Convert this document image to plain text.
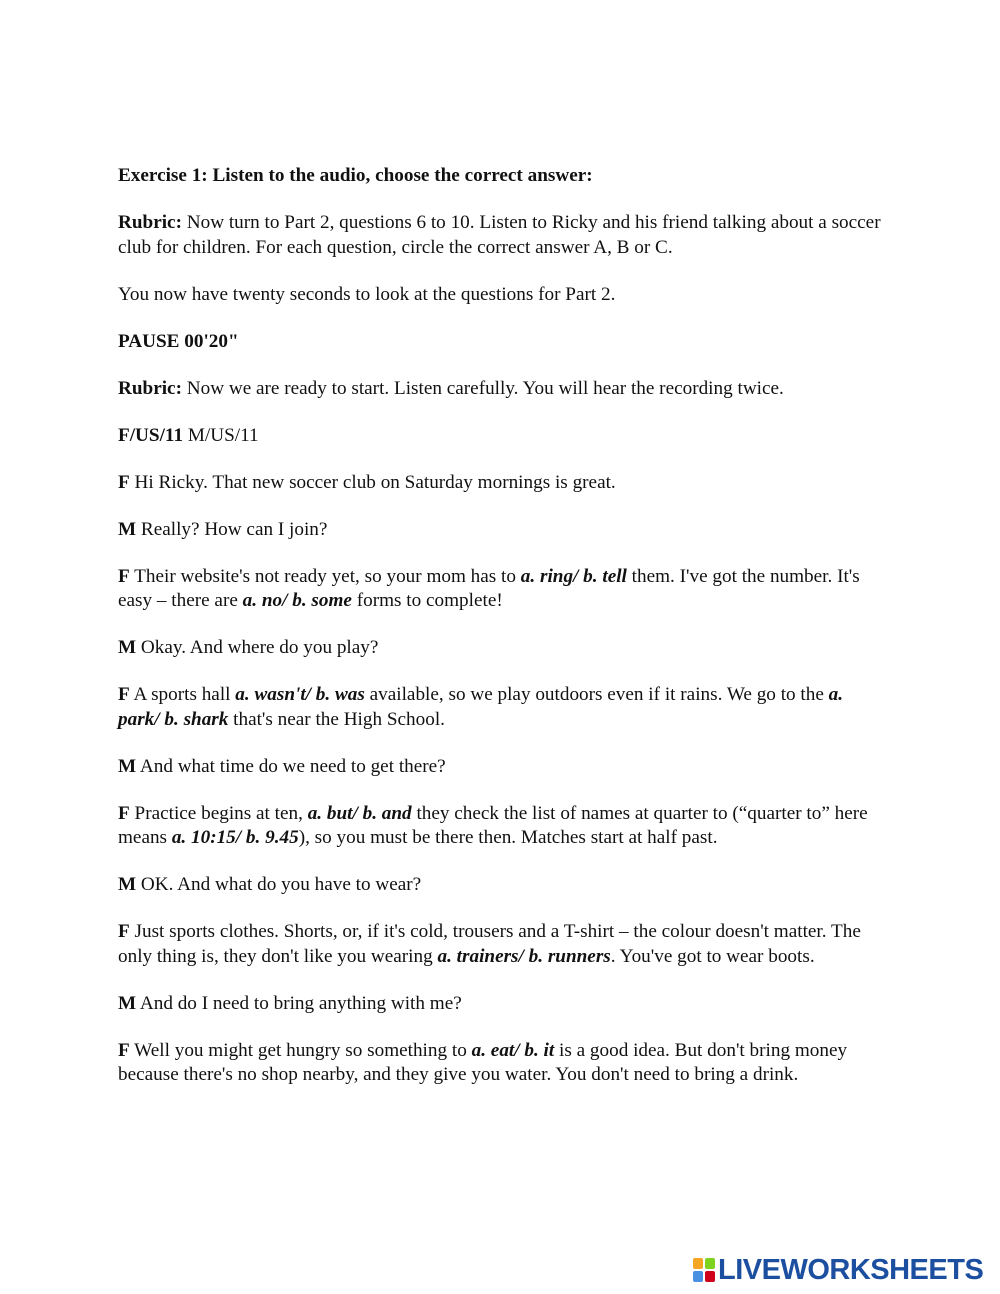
Exercise 1: Listen to the audio, choose the correct answer:

Rubric: Now turn to Part 2, questions 6 to 10. Listen to Ricky and his friend talking about a soccer club for children. For each question, circle the correct answer A, B or C.

You now have twenty seconds to look at the questions for Part 2.

PAUSE 00'20"

Rubric: Now we are ready to start. Listen carefully. You will hear the recording twice.

F/US/11 M/US/11

F Hi Ricky. That new soccer club on Saturday mornings is great.

M Really? How can I join?

F Their website's not ready yet, so your mom has to a. ring/ b. tell them. I've got the number. It's easy – there are a. no/ b. some forms to complete!

M Okay. And where do you play?

F A sports hall a. wasn't/ b. was available, so we play outdoors even if it rains. We go to the a. park/ b. shark that's near the High School.

M And what time do we need to get there?

F Practice begins at ten, a. but/ b. and they check the list of names at quarter to (“quarter to” here means a. 10:15/ b. 9.45), so you must be there then. Matches start at half past.

M OK. And what do you have to wear?

F Just sports clothes. Shorts, or, if it's cold, trousers and a T-shirt – the colour doesn't matter. The only thing is, they don't like you wearing a. trainers/ b. runners. You've got to wear boots.

M And do I need to bring anything with me?

F Well you might get hungry so something to a. eat/ b. it is a good idea. But don't bring money because there's no shop nearby, and they give you water. You don't need to bring a drink.

LIVEWORKSHEETS
